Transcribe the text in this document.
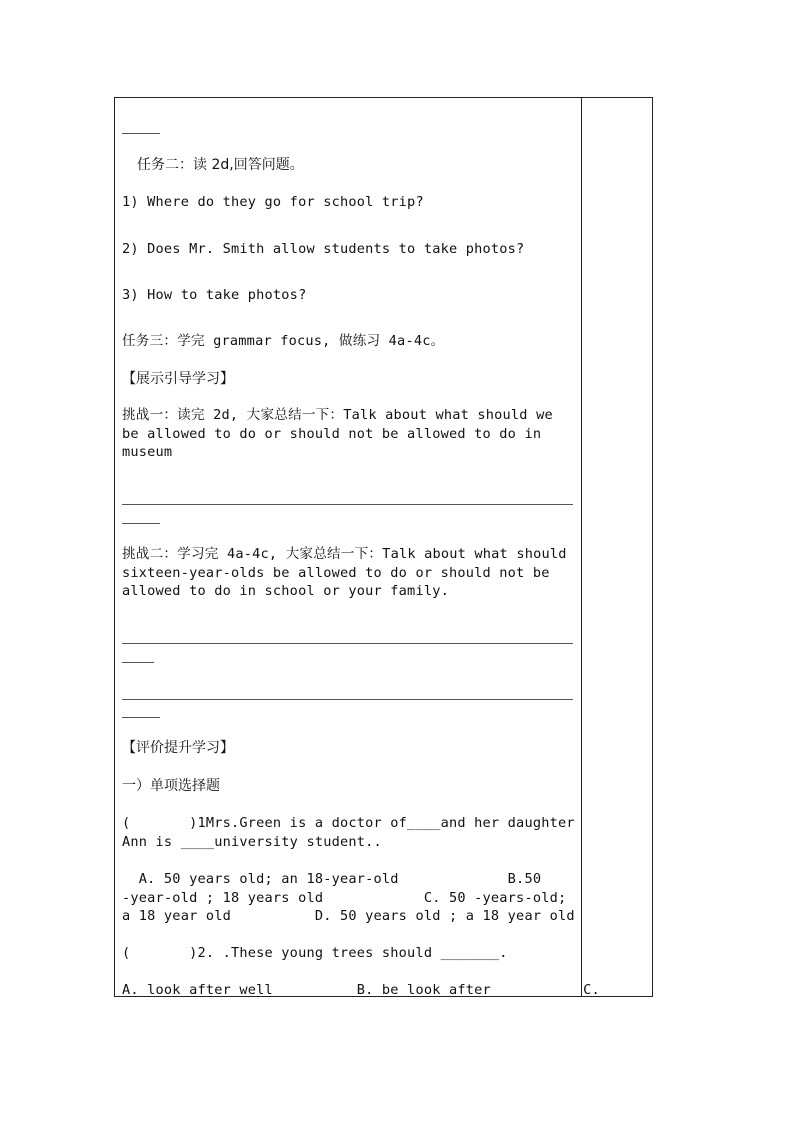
任务二：读 2d,回答问题。
1) Where do they go for school trip?
2) Does Mr. Smith allow students to take photos?
3) How to take photos?
任务三：学完 grammar focus, 做练习 4a-4c。
【展示引导学习】
挑战一：读完 2d, 大家总结一下：Talk about what should we
be allowed to do or should not be allowed to do in
museum
挑战二：学习完 4a-4c, 大家总结一下：Talk about what should
sixteen-year-olds be allowed to do or should not be
allowed to do in school or your family.
【评价提升学习】
一）单项选择题
(       )1Mrs.Green is a doctor of____and her daughter
Ann is ____university student..
A. 50 years old; an 18-year-old             B.50
-year-old ; 18 years old            C. 50 -years-old;
a 18 year old          D. 50 years old ; a 18 year old
(       )2. .These young trees should _______.
A. look after well          B. be look after           C.
